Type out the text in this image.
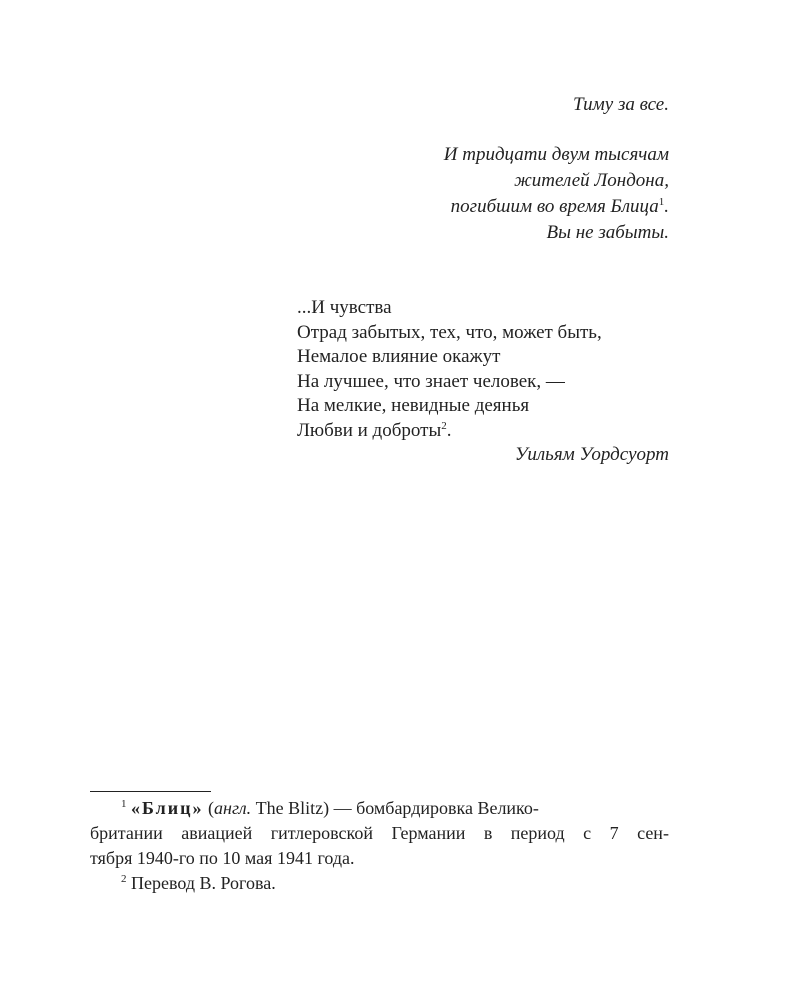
Тиму за все.
И тридцати двум тысячам
жителей Лондона,
погибшим во время Блица$^1$.
Вы не забыты.
...И чувства
Отрад забытых, тех, что, может быть,
Немалое влияние окажут
На лучшее, что знает человек, —
На мелкие, невидные деянья
Любви и доброты$^2$.
Уильям Уордсуорт
$^1$ «Блиц» (англ. The Blitz) — бомбардировка Велико-
британии авиацией гитлеровской Германии в период с 7 сен-
тября 1940-го по 10 мая 1941 года.
$^2$ Перевод В. Рогова.
